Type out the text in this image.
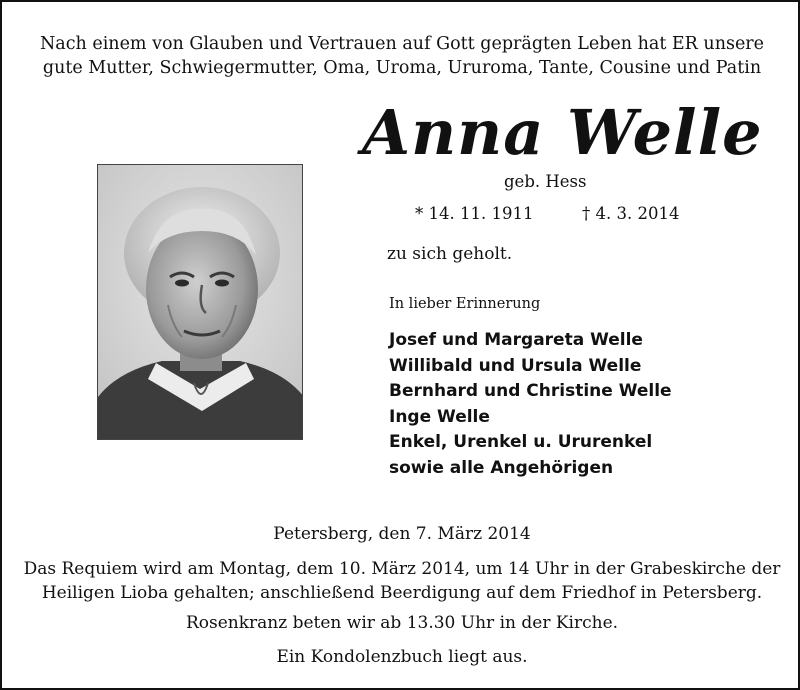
Nach einem von Glauben und Vertrauen auf Gott geprägten Leben hat ER unsere
gute Mutter, Schwiegermutter, Oma, Uroma, Ururoma, Tante, Cousine und Patin
Anna Welle
geb. Hess
* 14. 11. 1911	† 4. 3. 2014
zu sich geholt.
In lieber Erinnerung
Josef und Margareta Welle
Willibald und Ursula Welle
Bernhard und Christine Welle
Inge Welle
Enkel, Urenkel u. Ururenkel
sowie alle Angehörigen
Petersberg, den 7. März 2014
Das Requiem wird am Montag, dem 10. März 2014, um 14 Uhr in der Grabeskirche der
Heiligen Lioba gehalten; anschließend Beerdigung auf dem Friedhof in Petersberg.
Rosenkranz beten wir ab 13.30 Uhr in der Kirche.
Ein Kondolenzbuch liegt aus.
